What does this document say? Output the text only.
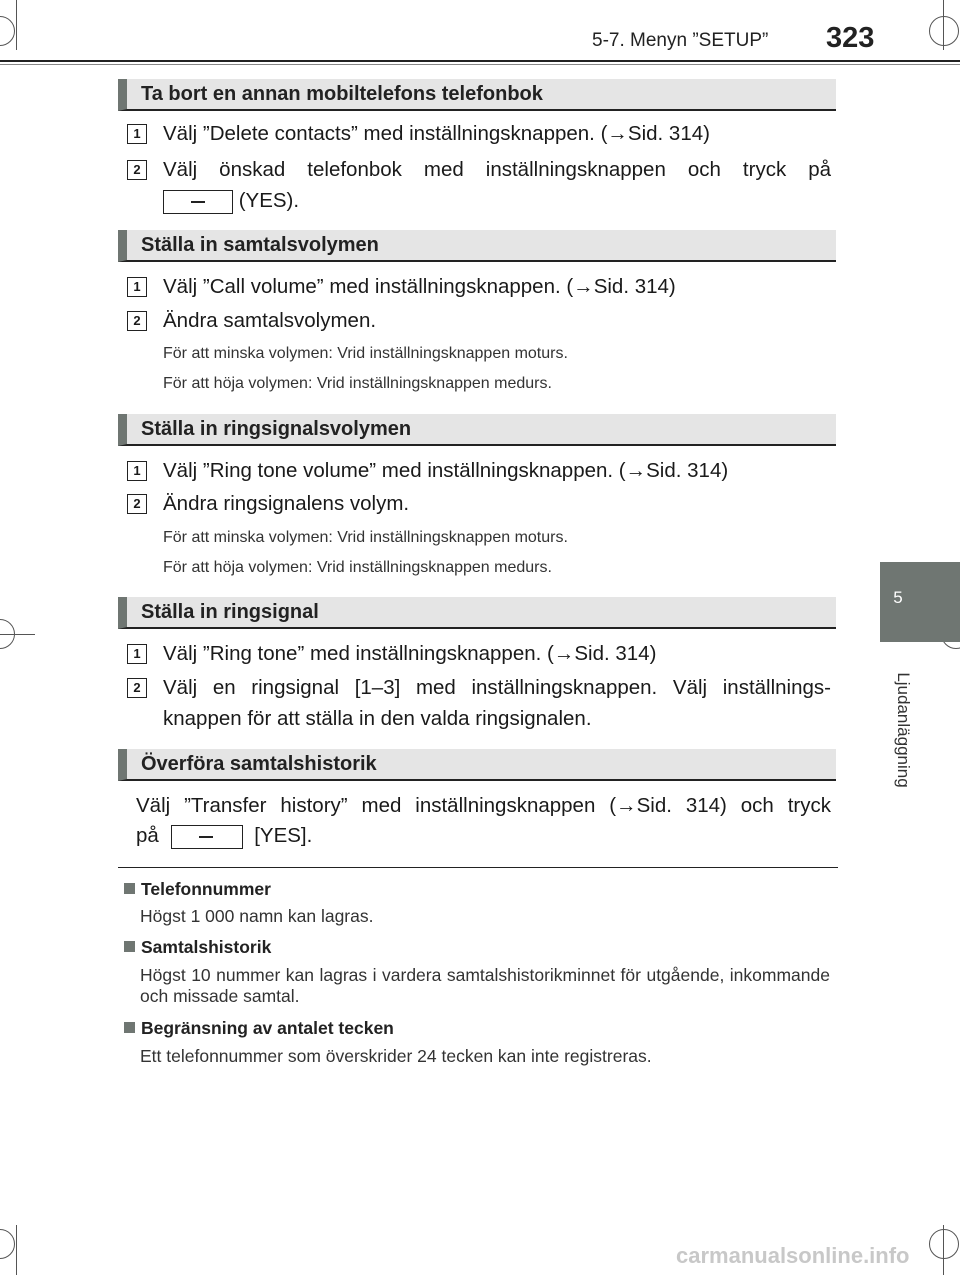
5-7. Menyn ”SETUP” 323
5
Ljudanläggning
Ta bort en annan mobiltelefons telefonbok
1	Välj ”Delete contacts” med inställningsknappen. (→Sid. 314)
2	Välj önskad telefonbok med inställningsknappen och tryck på
(YES).
Ställa in samtalsvolymen
1	Välj ”Call volume” med inställningsknappen. (→Sid. 314)
2	Ändra samtalsvolymen.
För att minska volymen: Vrid inställningsknappen moturs.
För att höja volymen: Vrid inställningsknappen medurs.
Ställa in ringsignalsvolymen
1	Välj ”Ring tone volume” med inställningsknappen. (→Sid. 314)
2	Ändra ringsignalens volym.
För att minska volymen: Vrid inställningsknappen moturs.
För att höja volymen: Vrid inställningsknappen medurs.
Ställa in ringsignal
1	Välj ”Ring tone” med inställningsknappen. (→Sid. 314)
2	Välj en ringsignal [1–3] med inställningsknappen. Välj inställnings-
knappen för att ställa in den valda ringsignalen.
Överföra samtalshistorik
Välj ”Transfer history” med inställningsknappen (→Sid. 314) och tryck
på	[YES].
Telefonnummer
Högst 1 000 namn kan lagras.
Samtalshistorik
Högst 10 nummer kan lagras i vardera samtalshistorikminnet för utgående, inkommande och missade samtal.
Begränsning av antalet tecken
Ett telefonnummer som överskrider 24 tecken kan inte registreras.
carmanualsonline.info
